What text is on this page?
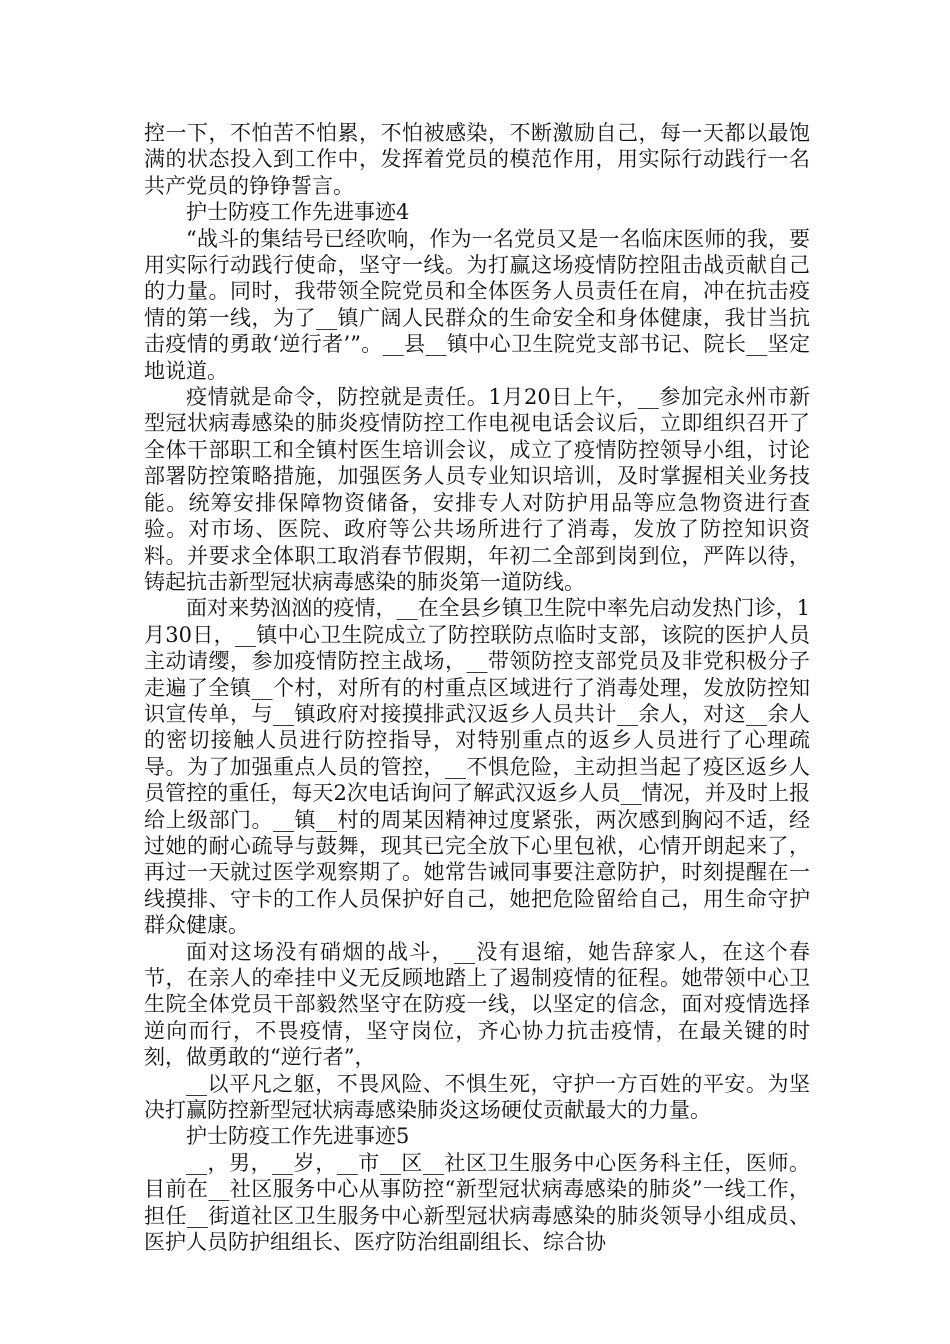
控一下，不怕苦不怕累，不怕被感染，不断激励自己，每一天都以最饱满的状态投入到工作中，发挥着党员的模范作用，用实际行动践行一名共产党员的铮铮誓言。

护士防疫工作先进事迹4

“战斗的集结号已经吹响，作为一名党员又是一名临床医师的我，要用实际行动践行使命，坚守一线。为打赢这场疫情防控阻击战贡献自己的力量。同时，我带领全院党员和全体医务人员责任在肩，冲在抗击疫情的第一线，为了__镇广阔人民群众的生命安全和身体健康，我甘当抗击疫情的勇敢‘逆行者’”。__县__镇中心卫生院党支部书记、院长__坚定地说道。

疫情就是命令，防控就是责任。1月20日上午，__参加完永州市新型冠状病毒感染的肺炎疫情防控工作电视电话会议后，立即组织召开了全体干部职工和全镇村医生培训会议，成立了疫情防控领导小组，讨论部署防控策略措施，加强医务人员专业知识培训，及时掌握相关业务技能。统筹安排保障物资储备，安排专人对防护用品等应急物资进行查验。对市场、医院、政府等公共场所进行了消毒，发放了防控知识资料。并要求全体职工取消春节假期，年初二全部到岗到位，严阵以待，铸起抗击新型冠状病毒感染的肺炎第一道防线。

面对来势汹汹的疫情，__在全县乡镇卫生院中率先启动发热门诊，1月30日，__镇中心卫生院成立了防控联防点临时支部，该院的医护人员主动请缨，参加疫情防控主战场，__带领防控支部党员及非党积极分子走遍了全镇__个村，对所有的村重点区域进行了消毒处理，发放防控知识宣传单，与__镇政府对接摸排武汉返乡人员共计__余人，对这__余人的密切接触人员进行防控指导，对特别重点的返乡人员进行了心理疏导。为了加强重点人员的管控，__不惧危险，主动担当起了疫区返乡人员管控的重任，每天2次电话询问了解武汉返乡人员__情况，并及时上报给上级部门。__镇__村的周某因精神过度紧张，两次感到胸闷不适，经过她的耐心疏导与鼓舞，现其已完全放下心里包袱，心情开朗起来了，再过一天就过医学观察期了。她常告诫同事要注意防护，时刻提醒在一线摸排、守卡的工作人员保护好自己，她把危险留给自己，用生命守护群众健康。

面对这场没有硝烟的战斗，__没有退缩，她告辞家人，在这个春节，在亲人的牵挂中义无反顾地踏上了遏制疫情的征程。她带领中心卫生院全体党员干部毅然坚守在防疫一线，以坚定的信念，面对疫情选择逆向而行，不畏疫情，坚守岗位，齐心协力抗击疫情，在最关键的时刻，做勇敢的“逆行者”，

__以平凡之躯，不畏风险、不惧生死，守护一方百姓的平安。为坚决打赢防控新型冠状病毒感染肺炎这场硬仗贡献最大的力量。

护士防疫工作先进事迹5

__，男，__岁，__市__区__社区卫生服务中心医务科主任，医师。目前在__社区服务中心从事防控“新型冠状病毒感染的肺炎”一线工作，担任__街道社区卫生服务中心新型冠状病毒感染的肺炎领导小组成员、医护人员防护组组长、医疗防治组副组长、综合协
